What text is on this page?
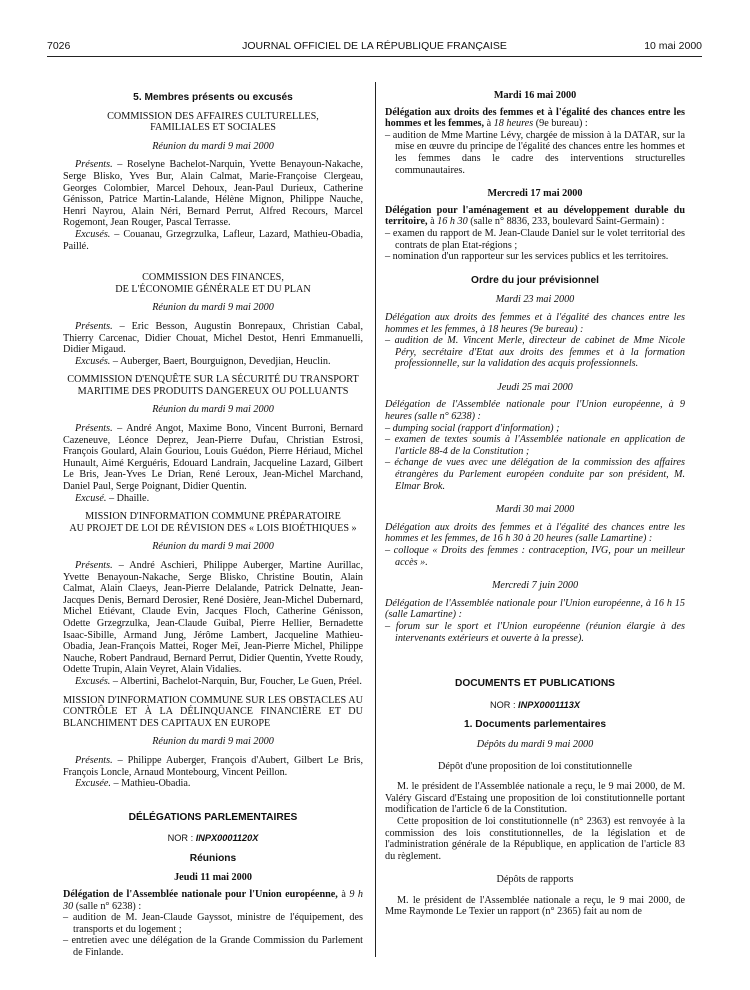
7026	JOURNAL OFFICIEL DE LA RÉPUBLIQUE FRANÇAISE	10 mai 2000

5. Membres présents ou excusés

COMMISSION DES AFFAIRES CULTURELLES,

FAMILIALES ET SOCIALES

Réunion du mardi 9 mai 2000

Présents. – Roselyne Bachelot-Narquin, Yvette Benayoun-Nakache, Serge Blisko, Yves Bur, Alain Calmat, Marie-Françoise Clergeau, Georges Colombier, Marcel Dehoux, Jean-Paul Durieux, Catherine Génisson, Patrice Martin-Lalande, Hélène Mignon, Philippe Nauche, Henri Nayrou, Alain Néri, Bernard Perrut, Alfred Recours, Marcel Rogemont, Jean Rouger, Pascal Terrasse.

Excusés. – Couanau, Grzegrzulka, Lafleur, Lazard, Mathieu-Obadia, Paillé.

COMMISSION DES FINANCES,

DE L'ÉCONOMIE GÉNÉRALE ET DU PLAN

Réunion du mardi 9 mai 2000

Présents. – Eric Besson, Augustin Bonrepaux, Christian Cabal, Thierry Carcenac, Didier Chouat, Michel Destot, Henri Emmanuelli, Didier Migaud.

Excusés. – Auberger, Baert, Bourguignon, Devedjian, Heuclin.

COMMISSION D'ENQUÊTE SUR LA SÉCURITÉ DU TRANSPORT

MARITIME DES PRODUITS DANGEREUX OU POLLUANTS

Réunion du mardi 9 mai 2000

Présents. – André Angot, Maxime Bono, Vincent Burroni, Bernard Cazeneuve, Léonce Deprez, Jean-Pierre Dufau, Christian Estrosi, François Goulard, Alain Gouriou, Louis Guédon, Pierre Hériaud, Michel Hunault, Aimé Kerguéris, Edouard Landrain, Jacqueline Lazard, Gilbert Le Bris, Jean-Yves Le Drian, René Leroux, Jean-Michel Marchand, Daniel Paul, Serge Poignant, Didier Quentin.

Excusé. – Dhaille.

MISSION D'INFORMATION COMMUNE PRÉPARATOIRE

AU PROJET DE LOI DE RÉVISION DES « LOIS BIOÉTHIQUES »

Réunion du mardi 9 mai 2000

Présents. – André Aschieri, Philippe Auberger, Martine Aurillac, Yvette Benayoun-Nakache, Serge Blisko, Christine Boutin, Alain Calmat, Alain Claeys, Jean-Pierre Delalande, Patrick Delnatte, Jean-Jacques Denis, Bernard Derosier, René Dosière, Jean-Michel Dubernard, Michel Etiévant, Claude Evin, Jacques Floch, Catherine Génisson, Odette Grzegrzulka, Jean-Claude Guibal, Pierre Hellier, Bernadette Isaac-Sibille, Armand Jung, Jérôme Lambert, Jacqueline Mathieu-Obadia, Jean-François Mattei, Roger Meï, Jean-Pierre Michel, Philippe Nauche, Robert Pandraud, Bernard Perrut, Didier Quentin, Yvette Roudy, Odette Trupin, Alain Veyret, Alain Vidalies.

Excusés. – Albertini, Bachelot-Narquin, Bur, Foucher, Le Guen, Préel.

MISSION D'INFORMATION COMMUNE SUR LES OBSTACLES AU CONTRÔLE ET À LA DÉLINQUANCE FINANCIÈRE ET DU BLANCHIMENT DES CAPITAUX EN EUROPE

Réunion du mardi 9 mai 2000

Présents. – Philippe Auberger, François d'Aubert, Gilbert Le Bris, François Loncle, Arnaud Montebourg, Vincent Peillon.

Excusée. – Mathieu-Obadia.

DÉLÉGATIONS PARLEMENTAIRES

NOR : INPX0001120X

Réunions

Jeudi 11 mai 2000

Délégation de l'Assemblée nationale pour l'Union européenne, à 9 h 30 (salle n° 6238) :

– audition de M. Jean-Claude Gayssot, ministre de l'équipement, des transports et du logement ;

– entretien avec une délégation de la Grande Commission du Parlement de Finlande.

Mardi 16 mai 2000

Délégation aux droits des femmes et à l'égalité des chances entre les hommes et les femmes, à 18 heures (9e bureau) :

– audition de Mme Martine Lévy, chargée de mission à la DATAR, sur la mise en œuvre du principe de l'égalité des chances entre les hommes et les femmes dans le cadre des interventions structurelles communautaires.

Mercredi 17 mai 2000

Délégation pour l'aménagement et au développement durable du territoire, à 16 h 30 (salle n° 8836, 233, boulevard Saint-Germain) :

– examen du rapport de M. Jean-Claude Daniel sur le volet territorial des contrats de plan Etat-régions ;

– nomination d'un rapporteur sur les services publics et les territoires.

Ordre du jour prévisionnel

Mardi 23 mai 2000

Délégation aux droits des femmes et à l'égalité des chances entre les hommes et les femmes, à 18 heures (9e bureau) :

– audition de M. Vincent Merle, directeur de cabinet de Mme Nicole Péry, secrétaire d'Etat aux droits des femmes et à la formation professionnelle, sur la validation des acquis professionnels.

Jeudi 25 mai 2000

Délégation de l'Assemblée nationale pour l'Union européenne, à 9 heures (salle n° 6238) :

– dumping social (rapport d'information) ;

– examen de textes soumis à l'Assemblée nationale en application de l'article 88-4 de la Constitution ;

– échange de vues avec une délégation de la commission des affaires étrangères du Parlement européen conduite par son président, M. Elmar Brok.

Mardi 30 mai 2000

Délégation aux droits des femmes et à l'égalité des chances entre les hommes et les femmes, de 16 h 30 à 20 heures (salle Lamartine) :

– colloque « Droits des femmes : contraception, IVG, pour un meilleur accès ».

Mercredi 7 juin 2000

Délégation de l'Assemblée nationale pour l'Union européenne, à 16 h 15 (salle Lamartine) :

– forum sur le sport et l'Union européenne (réunion élargie à des intervenants extérieurs et ouverte à la presse).

DOCUMENTS ET PUBLICATIONS

NOR : INPX0001113X

1. Documents parlementaires

Dépôts du mardi 9 mai 2000

Dépôt d'une proposition de loi constitutionnelle

M. le président de l'Assemblée nationale a reçu, le 9 mai 2000, de M. Valéry Giscard d'Estaing une proposition de loi constitutionnelle portant modification de l'article 6 de la Constitution.

Cette proposition de loi constitutionnelle (n° 2363) est renvoyée à la commission des lois constitutionnelles, de la législation et de l'administration générale de la République, en application de l'article 83 du règlement.

Dépôts de rapports

M. le président de l'Assemblée nationale a reçu, le 9 mai 2000, de Mme Raymonde Le Texier un rapport (n° 2365) fait au nom de
